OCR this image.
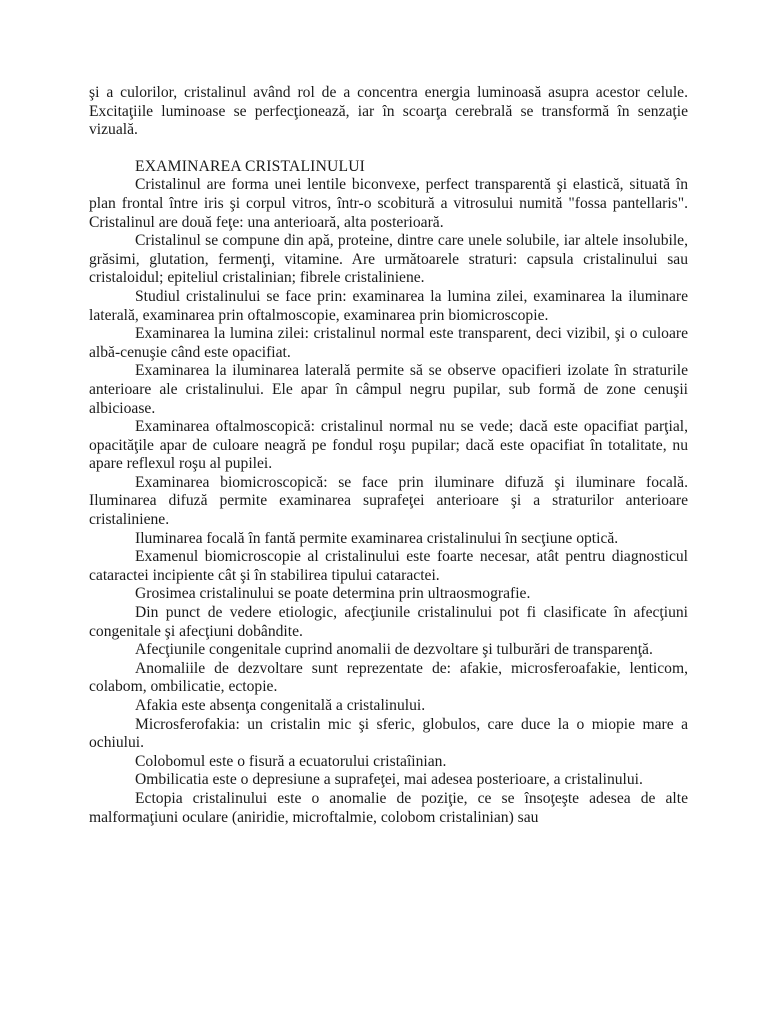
şi a culorilor, cristalinul având rol de a concentra energia luminoasă asupra acestor celule. Excitaţiile luminoase se perfecţionează, iar în scoarţa cerebrală se transformă în senzaţie vizuală.

EXAMINAREA CRISTALINULUI

Cristalinul are forma unei lentile biconvexe, perfect transparentă şi elastică, situată în plan frontal între iris şi corpul vitros, într-o scobitură a vitrosului numită "fossa pantellaris". Cristalinul are două feţe: una anterioară, alta posterioară.

Cristalinul se compune din apă, proteine, dintre care unele solubile, iar altele insolubile, grăsimi, glutation, fermenţi, vitamine. Are următoarele straturi: capsula cristalinului sau cristaloidul; epiteliul cristalinian; fibrele cristaliniene.

Studiul cristalinului se face prin: examinarea la lumina zilei, examinarea la iluminare laterală, examinarea prin oftalmoscopie, examinarea prin biomicroscopie.

Examinarea la lumina zilei: cristalinul normal este transparent, deci vizibil, şi o culoare albă-cenuşie când este opacifiat.

Examinarea la iluminarea laterală permite să se observe opacifieri izolate în straturile anterioare ale cristalinului. Ele apar în câmpul negru pupilar, sub formă de zone cenuşii albicioase.

Examinarea oftalmoscopică: cristalinul normal nu se vede; dacă este opacifiat parţial, opacităţile apar de culoare neagră pe fondul roşu pupilar; dacă este opacifiat în totalitate, nu apare reflexul roşu al pupilei.

Examinarea biomicroscopică: se face prin iluminare difuză şi iluminare focală. Iluminarea difuză permite examinarea suprafeţei anterioare şi a straturilor anterioare cristaliniene.

Iluminarea focală în fantă permite examinarea cristalinului în secţiune optică.

Examenul biomicroscopie al cristalinului este foarte necesar, atât pentru diagnosticul cataractei incipiente cât şi în stabilirea tipului cataractei.

Grosimea cristalinului se poate determina prin ultraosmografie.

Din punct de vedere etiologic, afecţiunile cristalinului pot fi clasificate în afecţiuni congenitale şi afecţiuni dobândite.

Afecţiunile congenitale cuprind anomalii de dezvoltare şi tulburări de transparenţă.

Anomaliile de dezvoltare sunt reprezentate de: afakie, microsferoafakie, lenticom, colabom, ombilicatie, ectopie.

Afakia este absenţa congenitală a cristalinului.

Microsferofakia: un cristalin mic şi sferic, globulos, care duce la o miopie mare a ochiului.

Colobomul este o fisură a ecuatorului cristaîinian.

Ombilicatia este o depresiune a suprafeţei, mai adesea posterioare, a cristalinului.

Ectopia cristalinului este o anomalie de poziţie, ce se însoţeşte adesea de alte malformaţiuni oculare (aniridie, microftalmie, colobom cristalinian) sau
